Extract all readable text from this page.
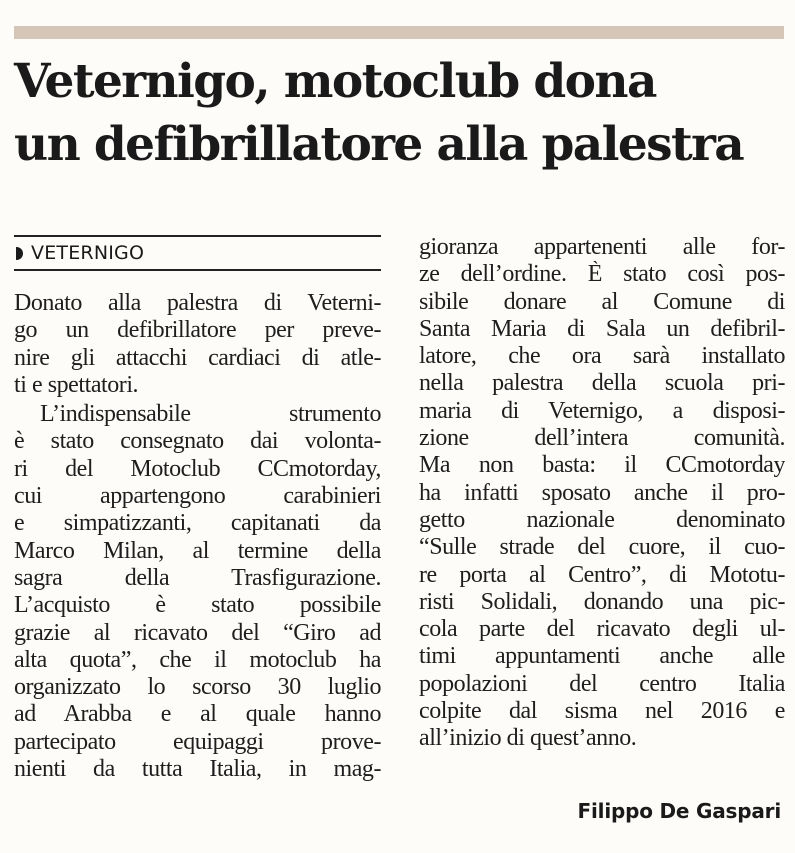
Veternigo, motoclub dona
un defibrillatore alla palestra
VETERNIGO
Donato alla palestra di Veterni-
go un defibrillatore per preve-
nire gli attacchi cardiaci di atle-
ti e spettatori.
L’indispensabile strumento
è stato consegnato dai volonta-
ri del Motoclub CCmotorday,
cui appartengono carabinieri
e simpatizzanti, capitanati da
Marco Milan, al termine della
sagra della Trasfigurazione.
L’acquisto è stato possibile
grazie al ricavato del “Giro ad
alta quota”, che il motoclub ha
organizzato lo scorso 30 luglio
ad Arabba e al quale hanno
partecipato equipaggi prove-
nienti da tutta Italia, in mag-
gioranza appartenenti alle for-
ze dell’ordine. È stato così pos-
sibile donare al Comune di
Santa Maria di Sala un defibril-
latore, che ora sarà installato
nella palestra della scuola pri-
maria di Veternigo, a disposi-
zione dell’intera comunità.
Ma non basta: il CCmotorday
ha infatti sposato anche il pro-
getto nazionale denominato
“Sulle strade del cuore, il cuo-
re porta al Centro”, di Mototu-
risti Solidali, donando una pic-
cola parte del ricavato degli ul-
timi appuntamenti anche alle
popolazioni del centro Italia
colpite dal sisma nel 2016 e
all’inizio di quest’anno.
Filippo De Gaspari
